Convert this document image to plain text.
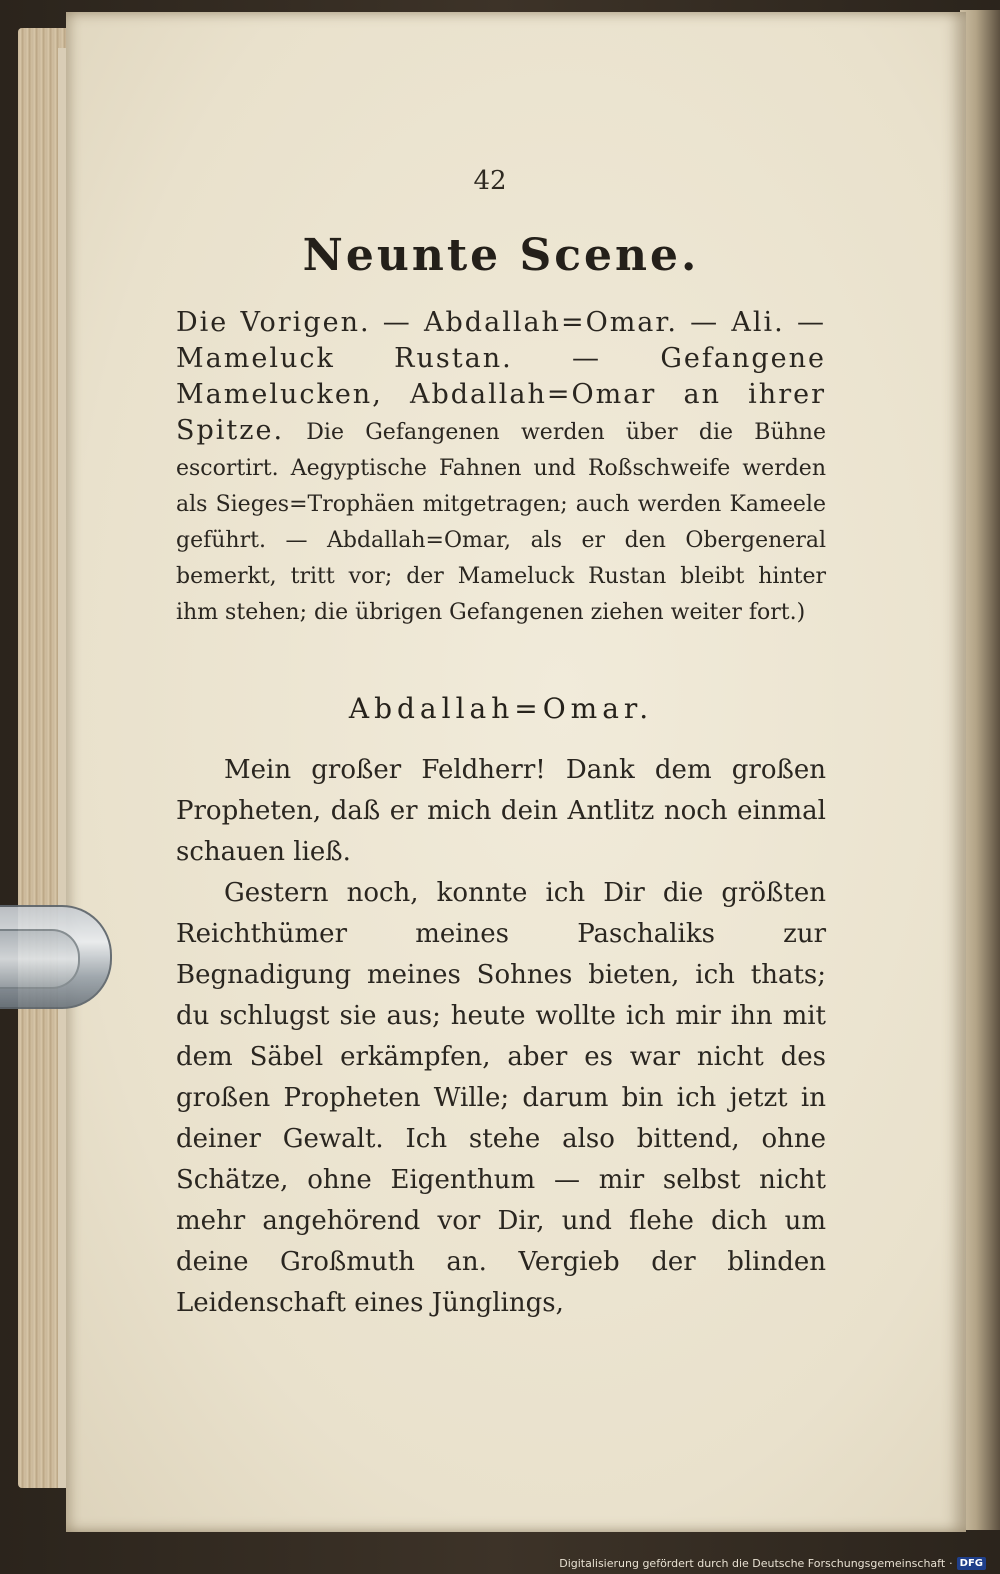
42
Neunte Scene.
Die Vorigen. — Abdallah=Omar. — Ali. — Mameluck Rustan. — Gefangene Mamelucken, Abdallah=Omar an ihrer Spitze. Die Gefangenen werden über die Bühne escortirt. Aegyptische Fahnen und Roßschweife werden als Sieges=Trophäen mitgetragen; auch werden Kameele geführt. — Abdallah=Omar, als er den Obergeneral bemerkt, tritt vor; der Mameluck Rustan bleibt hinter ihm stehen; die übrigen Gefangenen ziehen weiter fort.)
Abdallah=Omar.

Mein großer Feldherr! Dank dem großen Propheten, daß er mich dein Antlitz noch einmal schauen ließ.

Gestern noch, konnte ich Dir die größten Reichthümer meines Paschaliks zur Begnadigung meines Sohnes bieten, ich thats; du schlugst sie aus; heute wollte ich mir ihn mit dem Säbel erkämpfen, aber es war nicht des großen Propheten Wille; darum bin ich jetzt in deiner Gewalt. Ich stehe also bittend, ohne Schätze, ohne Eigenthum — mir selbst nicht mehr angehörend vor Dir, und flehe dich um deine Großmuth an. Vergieb der blinden Leidenschaft eines Jünglings,

Digitalisierung gefördert durch die Deutsche Forschungsgemeinschaft · DFG
